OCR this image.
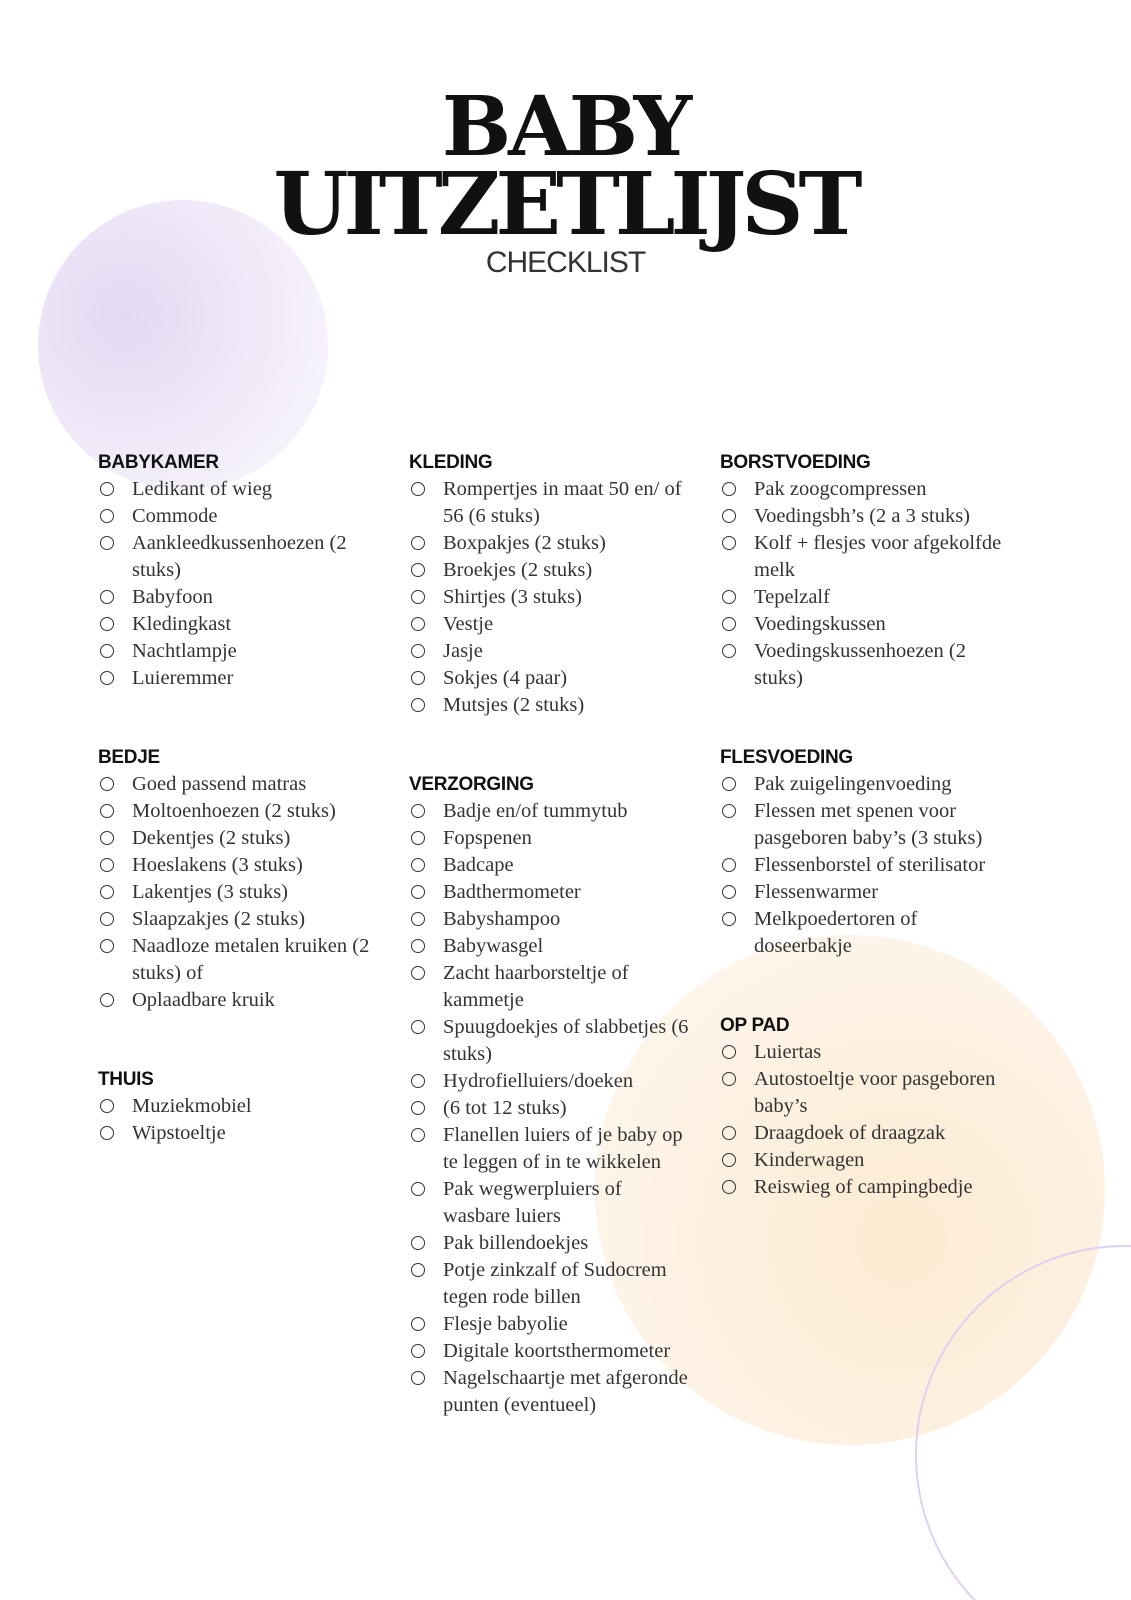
BABY
UITZETLIJST
CHECKLIST
BABYKAMER
Ledikant of wieg
Commode
Aankleedkussenhoezen (2 stuks)
Babyfoon
Kledingkast
Nachtlampje
Luieremmer
BEDJE
Goed passend matras
Moltoenhoezen (2 stuks)
Dekentjes (2 stuks)
Hoeslakens (3 stuks)
Lakentjes (3 stuks)
Slaapzakjes (2 stuks)
Naadloze metalen kruiken (2 stuks) of
Oplaadbare kruik
THUIS
Muziekmobiel
Wipstoeltje
KLEDING
Rompertjes in maat 50 en/ of 56 (6 stuks)
Boxpakjes (2 stuks)
Broekjes (2 stuks)
Shirtjes (3 stuks)
Vestje
Jasje
Sokjes (4 paar)
Mutsjes (2 stuks)
VERZORGING
Badje en/of tummytub
Fopspenen
Badcape
Badthermometer
Babyshampoo
Babywasgel
Zacht haarborsteltje of kammetje
Spuugdoekjes of slabbetjes (6 stuks)
Hydrofielluiers/doeken
(6 tot 12 stuks)
Flanellen luiers of je baby op te leggen of in te wikkelen
Pak wegwerpluiers of wasbare luiers
Pak billendoekjes
Potje zinkzalf of Sudocrem tegen rode billen
Flesje babyolie
Digitale koortsthermometer
Nagelschaartje met afgeronde punten (eventueel)
BORSTVOEDING
Pak zoogcompressen
Voedingsbh’s (2 a 3 stuks)
Kolf + flesjes voor afgekolfde melk
Tepelzalf
Voedingskussen
Voedingskussenhoezen (2 stuks)
FLESVOEDING
Pak zuigelingenvoeding
Flessen met spenen voor pasgeboren baby’s (3 stuks)
Flessenborstel of sterilisator
Flessenwarmer
Melkpoedertoren of doseerbakje
OP PAD
Luiertas
Autostoeltje voor pasgeboren baby’s
Draagdoek of draagzak
Kinderwagen
Reiswieg of campingbedje
